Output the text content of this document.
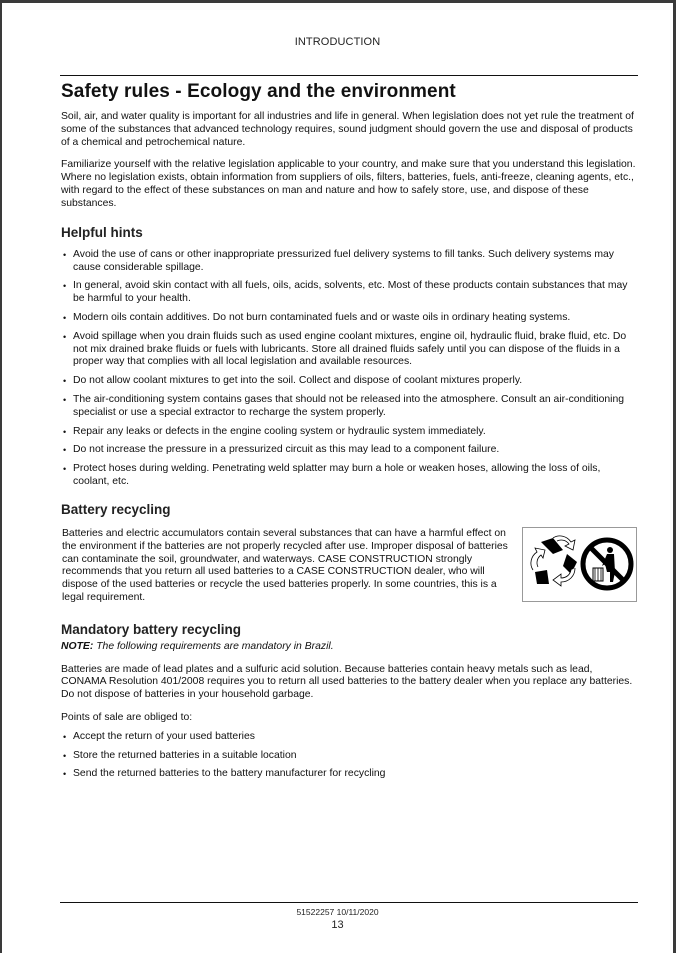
INTRODUCTION
Safety rules - Ecology and the environment

Soil, air, and water quality is important for all industries and life in general. When legislation does not yet rule the treatment of some of the substances that advanced technology requires, sound judgment should govern the use and disposal of products of a chemical and petrochemical nature.

Familiarize yourself with the relative legislation applicable to your country, and make sure that you understand this legislation. Where no legislation exists, obtain information from suppliers of oils, filters, batteries, fuels, anti-freeze, cleaning agents, etc., with regard to the effect of these substances on man and nature and how to safely store, use, and dispose of these substances.

Helpful hints
• Avoid the use of cans or other inappropriate pressurized fuel delivery systems to fill tanks. Such delivery systems may cause considerable spillage.
• In general, avoid skin contact with all fuels, oils, acids, solvents, etc. Most of these products contain substances that may be harmful to your health.
• Modern oils contain additives. Do not burn contaminated fuels and or waste oils in ordinary heating systems.
• Avoid spillage when you drain fluids such as used engine coolant mixtures, engine oil, hydraulic fluid, brake fluid, etc. Do not mix drained brake fluids or fuels with lubricants. Store all drained fluids safely until you can dispose of the fluids in a proper way that complies with all local legislation and available resources.
• Do not allow coolant mixtures to get into the soil. Collect and dispose of coolant mixtures properly.
• The air-conditioning system contains gases that should not be released into the atmosphere. Consult an air-conditioning specialist or use a special extractor to recharge the system properly.
• Repair any leaks or defects in the engine cooling system or hydraulic system immediately.
• Do not increase the pressure in a pressurized circuit as this may lead to a component failure.
• Protect hoses during welding. Penetrating weld splatter may burn a hole or weaken hoses, allowing the loss of oils, coolant, etc.
Battery recycling

Batteries and electric accumulators contain several substances that can have a harmful effect on the environment if the batteries are not properly recycled after use. Improper disposal of batteries can contaminate the soil, groundwater, and waterways. CASE CONSTRUCTION strongly recommends that you return all used batteries to a CASE CONSTRUCTION dealer, who will dispose of the used batteries or recycle the used batteries properly. In some countries, this is a legal requirement.

Mandatory battery recycling

NOTE: The following requirements are mandatory in Brazil.

Batteries are made of lead plates and a sulfuric acid solution. Because batteries contain heavy metals such as lead, CONAMA Resolution 401/2008 requires you to return all used batteries to the battery dealer when you replace any batteries. Do not dispose of batteries in your household garbage.

Points of sale are obliged to:

• Accept the return of your used batteries
• Store the returned batteries in a suitable location
• Send the returned batteries to the battery manufacturer for recycling
51522257 10/11/2020
13
